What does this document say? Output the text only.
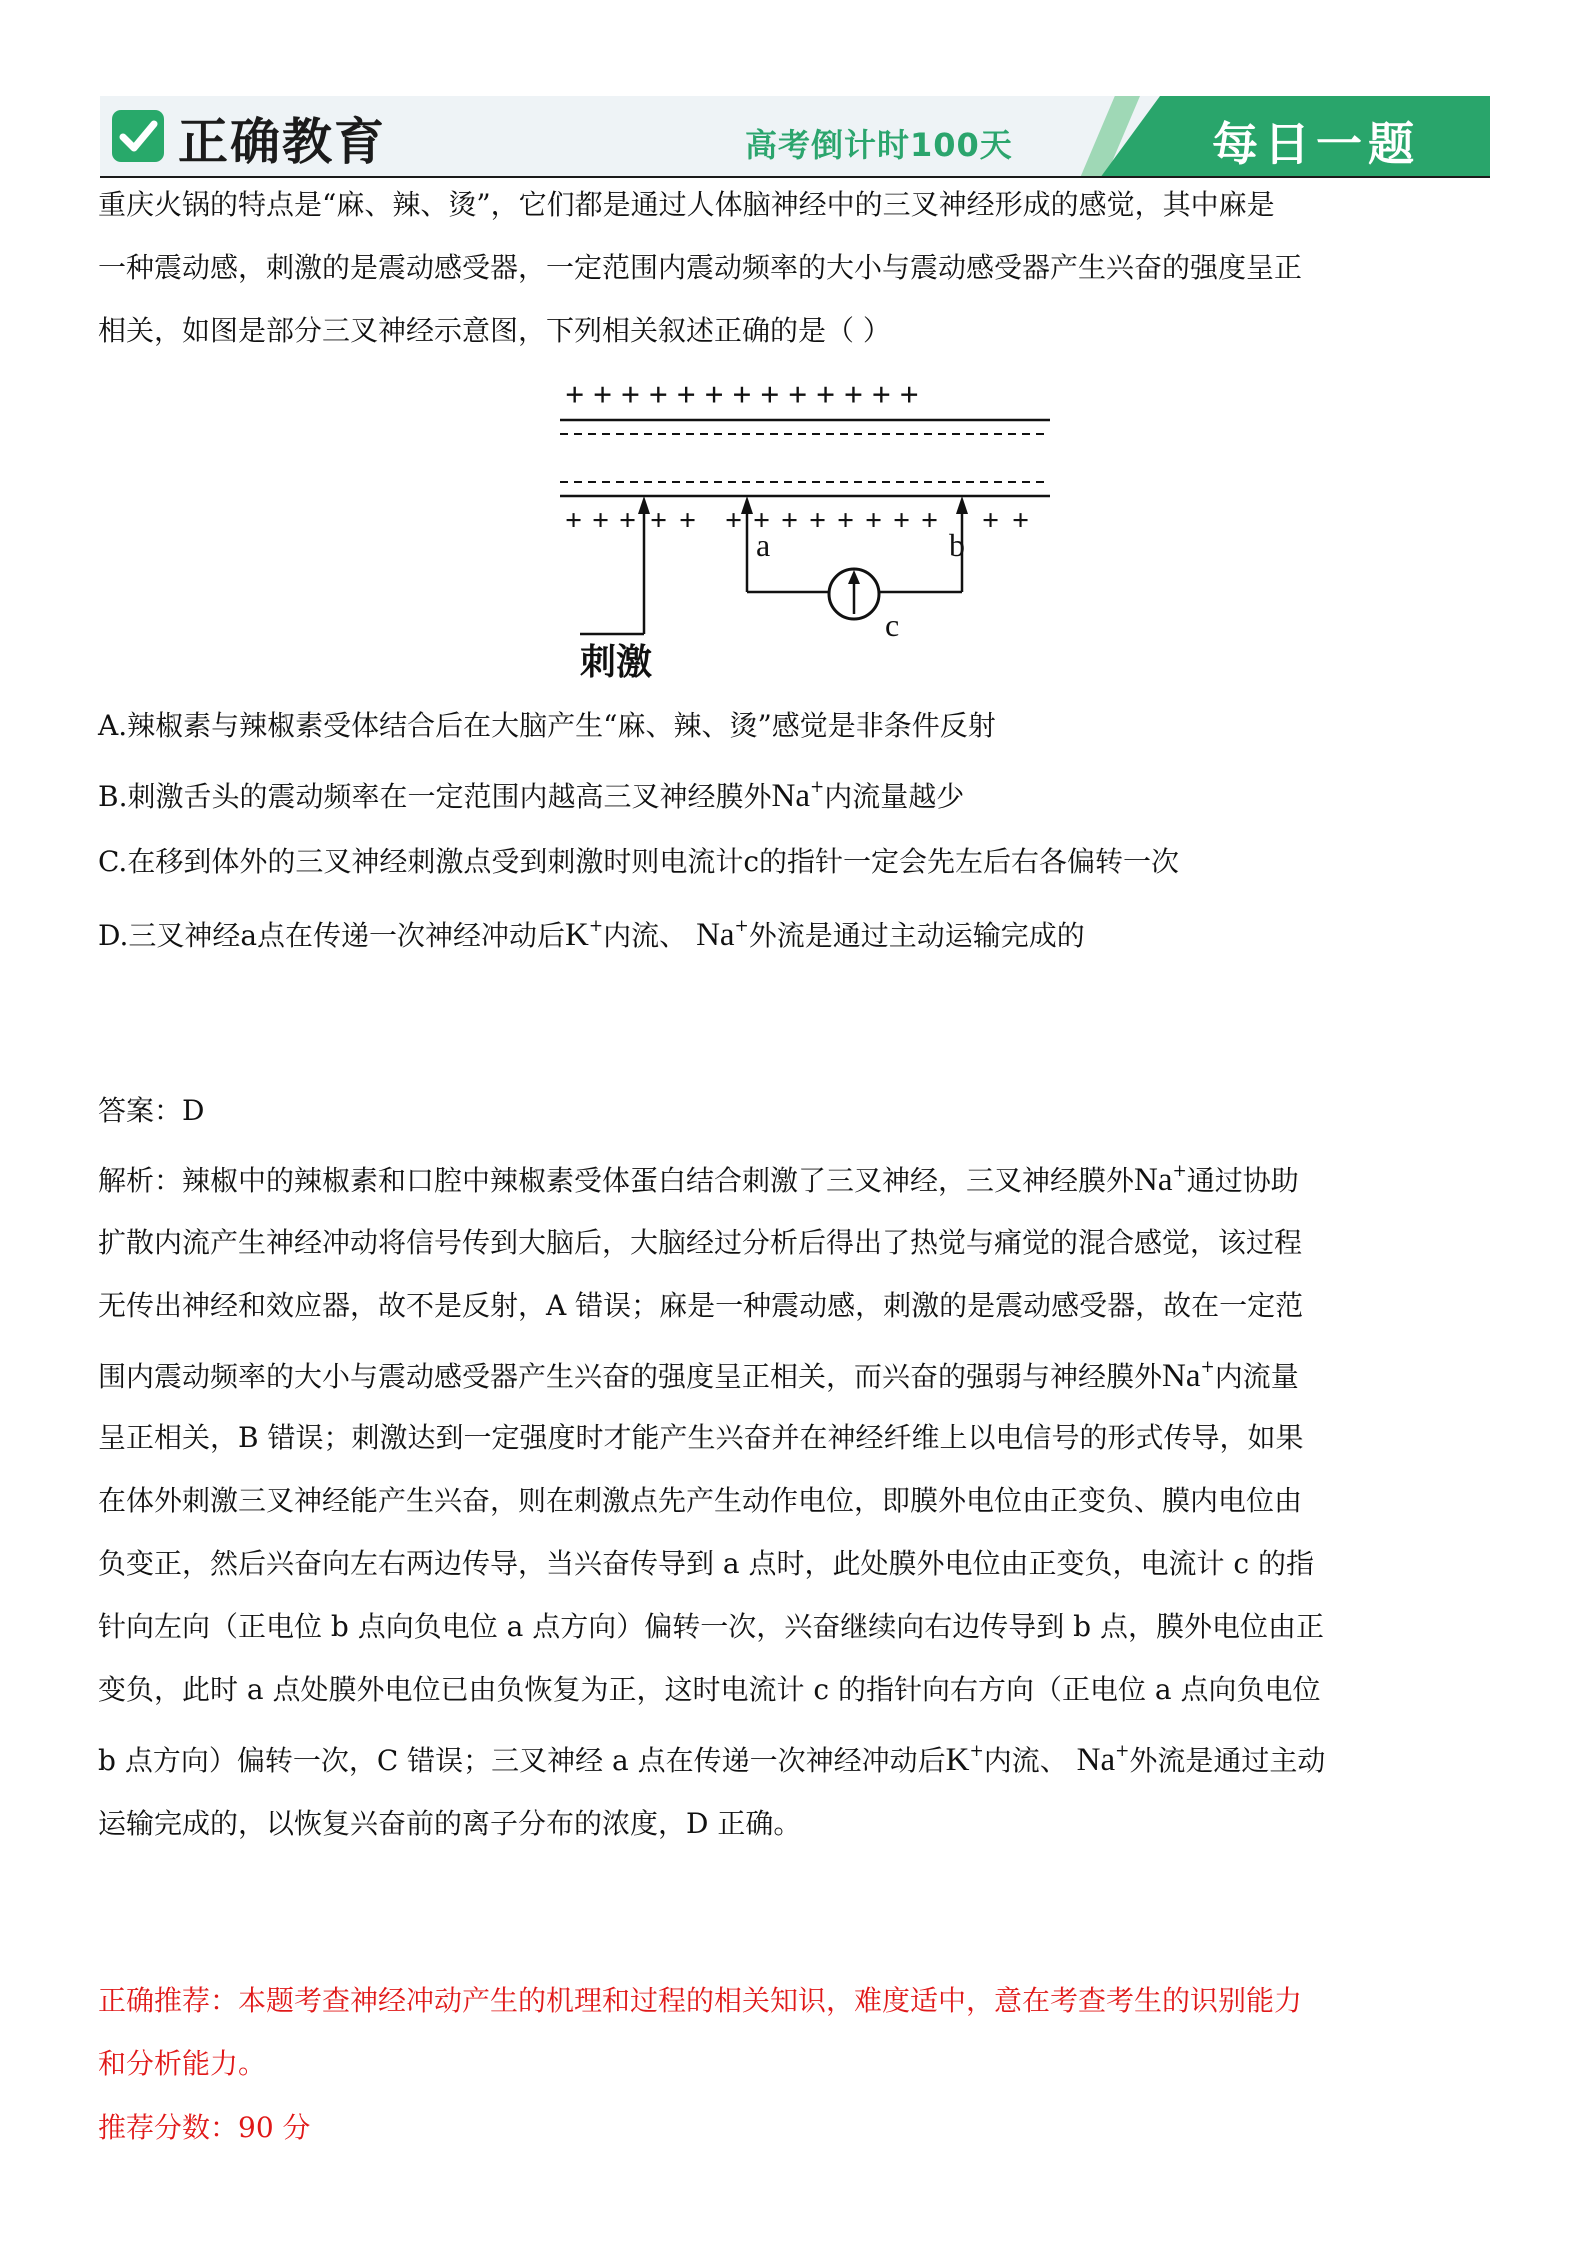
正确教育	高考倒计时100天	每日一题
重庆火锅的特点是“麻、辣、烫”，它们都是通过人体脑神经中的三叉神经形成的感觉，其中麻是
一种震动感，刺激的是震动感受器，一定范围内震动频率的大小与震动感受器产生兴奋的强度呈正
相关，如图是部分三叉神经示意图，下列相关叙述正确的是（ ）
+ + + + + + + + + + + + +
+ + + + + + + + + + + + + + +
a	b
c
刺激
A.辣椒素与辣椒素受体结合后在大脑产生“麻、辣、烫”感觉是非条件反射
B.刺激舌头的震动频率在一定范围内越高三叉神经膜外Na+内流量越少
C.在移到体外的三叉神经刺激点受到刺激时则电流计c的指针一定会先左后右各偏转一次
D.三叉神经a点在传递一次神经冲动后K+内流、 Na+外流是通过主动运输完成的
答案：D
解析：辣椒中的辣椒素和口腔中辣椒素受体蛋白结合刺激了三叉神经，三叉神经膜外Na+通过协助
扩散内流产生神经冲动将信号传到大脑后，大脑经过分析后得出了热觉与痛觉的混合感觉，该过程
无传出神经和效应器，故不是反射，A 错误；麻是一种震动感，刺激的是震动感受器，故在一定范
围内震动频率的大小与震动感受器产生兴奋的强度呈正相关，而兴奋的强弱与神经膜外Na+内流量
呈正相关，B 错误；刺激达到一定强度时才能产生兴奋并在神经纤维上以电信号的形式传导，如果
在体外刺激三叉神经能产生兴奋，则在刺激点先产生动作电位，即膜外电位由正变负、膜内电位由
负变正，然后兴奋向左右两边传导，当兴奋传导到 a 点时，此处膜外电位由正变负，电流计 c 的指
针向左向（正电位 b 点向负电位 a 点方向）偏转一次，兴奋继续向右边传导到 b 点，膜外电位由正
变负，此时 a 点处膜外电位已由负恢复为正，这时电流计 c 的指针向右方向（正电位 a 点向负电位
b 点方向）偏转一次，C 错误；三叉神经 a 点在传递一次神经冲动后K+内流、 Na+外流是通过主动
运输完成的，以恢复兴奋前的离子分布的浓度，D 正确。
正确推荐：本题考查神经冲动产生的机理和过程的相关知识，难度适中，意在考查考生的识别能力
和分析能力。
推荐分数：90 分
